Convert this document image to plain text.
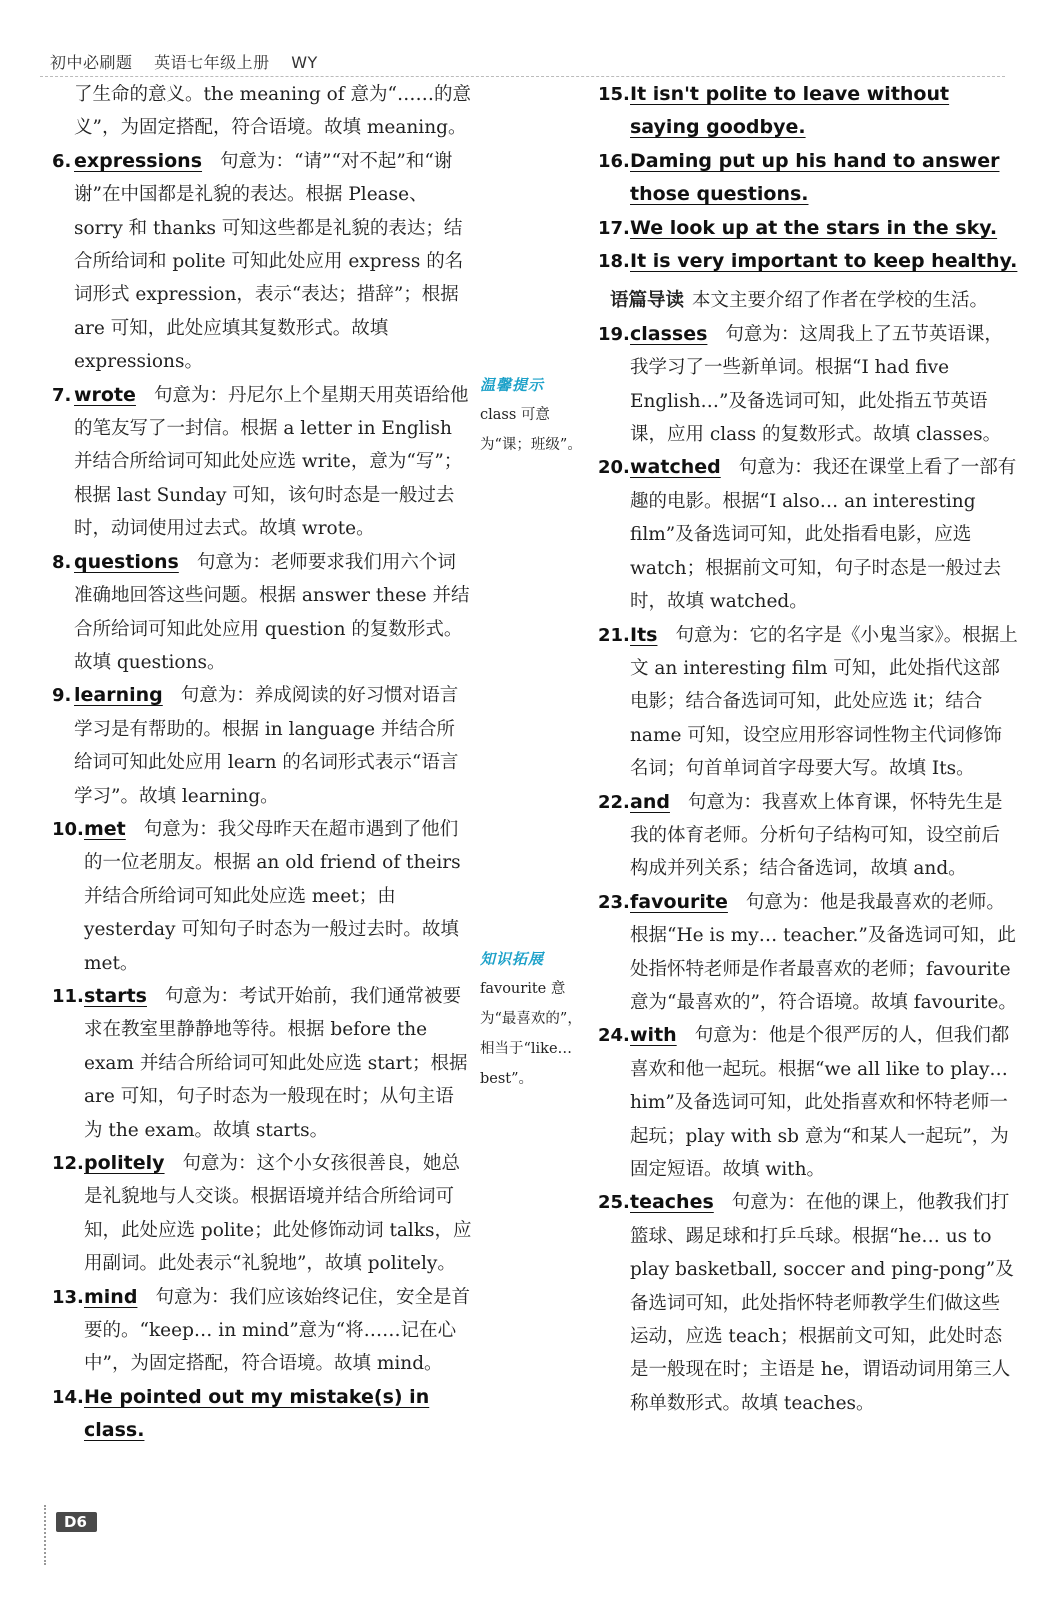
初中必刷题 英语七年级上册 WY
了生命的意义。the meaning of 意为“……的意义”，为固定搭配，符合语境。故填 meaning。
6. expressions 句意为：“请”“对不起”和“谢谢”在中国都是礼貌的表达。根据 Please、sorry 和 thanks 可知这些都是礼貌的表达；结合所给词和 polite 可知此处应用 express 的名词形式 expression，表示“表达；措辞”；根据 are 可知，此处应填其复数形式。故填 expressions。
7. wrote 句意为：丹尼尔上个星期天用英语给他的笔友写了一封信。根据 a letter in English 并结合所给词可知此处应选 write，意为“写”；根据 last Sunday 可知，该句时态是一般过去时，动词使用过去式。故填 wrote。
8. questions 句意为：老师要求我们用六个词准确地回答这些问题。根据 answer these 并结合所给词可知此处应用 question 的复数形式。故填 questions。
9. learning 句意为：养成阅读的好习惯对语言学习是有帮助的。根据 in language 并结合所给词可知此处应用 learn 的名词形式表示“语言学习”。故填 learning。
10. met 句意为：我父母昨天在超市遇到了他们的一位老朋友。根据 an old friend of theirs 并结合所给词可知此处应选 meet；由 yesterday 可知句子时态为一般过去时。故填 met。
11. starts 句意为：考试开始前，我们通常被要求在教室里静静地等待。根据 before the exam 并结合所给词可知此处应选 start；根据 are 可知，句子时态为一般现在时；从句主语为 the exam。故填 starts。
12. politely 句意为：这个小女孩很善良，她总是礼貌地与人交谈。根据语境并结合所给词可知，此处应选 polite；此处修饰动词 talks，应用副词。此处表示“礼貌地”，故填 politely。
13. mind 句意为：我们应该始终记住，安全是首要的。“keep… in mind”意为“将……记在心中”，为固定搭配，符合语境。故填 mind。
14. He pointed out my mistake(s) in class.
温馨提示
class 可意为“课；班级”。
知识拓展
favourite 意为“最喜欢的”，相当于“like…best”。
15. It isn't polite to leave without saying goodbye.
16. Daming put up his hand to answer those questions.
17. We look up at the stars in the sky.
18. It is very important to keep healthy.
语篇导读 本文主要介绍了作者在学校的生活。
19. classes 句意为：这周我上了五节英语课，我学习了一些新单词。根据“I had five English…”及备选词可知，此处指五节英语课，应用 class 的复数形式。故填 classes。
20. watched 句意为：我还在课堂上看了一部有趣的电影。根据“I also… an interesting film”及备选词可知，此处指看电影，应选 watch；根据前文可知，句子时态是一般过去时，故填 watched。
21. Its 句意为：它的名字是《小鬼当家》。根据上文 an interesting film 可知，此处指代这部电影；结合备选词可知，此处应选 it；结合 name 可知，设空应用形容词性物主代词修饰名词；句首单词首字母要大写。故填 Its。
22. and 句意为：我喜欢上体育课，怀特先生是我的体育老师。分析句子结构可知，设空前后构成并列关系；结合备选词，故填 and。
23. favourite 句意为：他是我最喜欢的老师。根据“He is my… teacher.”及备选词可知，此处指怀特老师是作者最喜欢的老师；favourite 意为“最喜欢的”，符合语境。故填 favourite。
24. with 句意为：他是个很严厉的人，但我们都喜欢和他一起玩。根据“we all like to play… him”及备选词可知，此处指喜欢和怀特老师一起玩；play with sb 意为“和某人一起玩”，为固定短语。故填 with。
25. teaches 句意为：在他的课上，他教我们打篮球、踢足球和打乒乓球。根据“he… us to play basketball, soccer and ping-pong”及备选词可知，此处指怀特老师教学生们做这些运动，应选 teach；根据前文可知，此处时态是一般现在时；主语是 he，谓语动词用第三人称单数形式。故填 teaches。
D6
